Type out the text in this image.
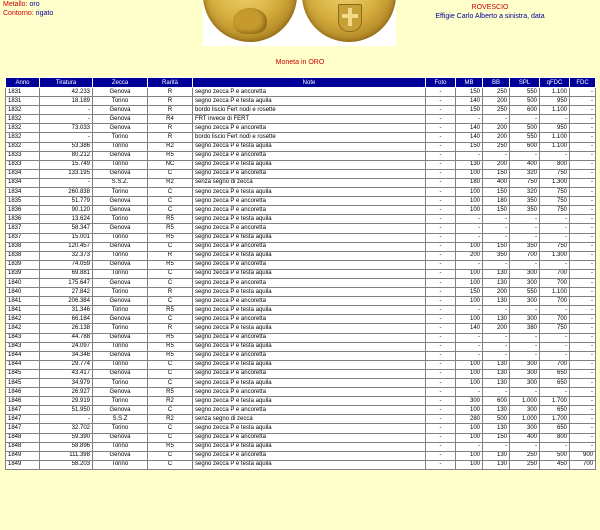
Metallo: oro
Contorno: rigato
ROVESCIO
Effigie Carlo Alberto a sinistra, data
Moneta in ORO
Anno	Tiratura	Zecca	Rarità	Note	Foto	MB	BB	SPL	qFDC	FDC
1831	42.233	Genova	R	segno zecca P e ancoretta	-	150	250	550	1.100	-
1831	18.189	Torino	R	segno zecca P e testa aquila	-	140	200	500	950	-
1832	-	Genova	R	bordo liscio Fert nodi e rosette	-	150	250	600	1.100	-
1832	-	Genova	R4	FRT invece di FERT	-	-	-	-	-	-
1832	73.033	Genova	R	segno zecca P e ancoretta	-	140	200	500	950	-
1832	-	Torino	R	bordo liscio Fert nodi e rosette	-	140	200	550	1.100	-
1832	53.386	Torino	R2	segno zecca P e testa aquila	-	150	250	600	1.100	-
1833	80.212	Genova	R5	segno zecca P e ancoretta	-	-	-	-	-	-
1833	15.749	Torino	NC	segno zecca P e testa aquila	-	130	200	400	800	-
1834	133.195	Genova	C	segno zecca P e ancoretta	-	100	150	320	750	-
1834	-	S.S.Z.	R2	senza segno di zecca	-	180	400	750	1.300	-
1834	260.838	Torino	C	segno zecca P e testa aquila	-	100	150	320	750	-
1835	51.779	Genova	C	segno zecca P e ancoretta	-	100	180	350	750	-
1836	90.120	Genova	C	segno zecca P e ancoretta	-	100	150	350	750	-
1836	13.624	Torino	R5	segno zecca P e testa aquila	-	-	-	-	-	-
1837	58.347	Genova	R5	segno zecca P e ancoretta	-	-	-	-	-	-
1837	15.001	Torino	R5	segno zecca P e testa aquila	-	-	-	-	-	-
1838	120.457	Genova	C	segno zecca P e ancoretta	-	100	150	350	750	-
1838	32.373	Torino	R	segno zecca P e testa aquila	-	200	350	700	1.300	-
1839	74.059	Genova	R5	segno zecca P e ancoretta	-	-	-	-	-	-
1839	69.881	Torino	C	segno zecca P e testa aquila	-	100	130	300	700	-
1840	175.647	Genova	C	segno zecca P e ancoretta	-	100	130	300	700	-
1840	27.842	Torino	R	segno zecca P e testa aquila	-	150	200	550	1.100	-
1841	206.384	Genova	C	segno zecca P e ancoretta	-	100	130	300	700	-
1841	31.346	Torino	R5	segno zecca P e testa aquila	-	-	-	-	-	-
1842	66.184	Genova	C	segno zecca P e ancoretta	-	100	130	300	700	-
1842	26.138	Torino	R	segno zecca P e testa aquila	-	140	200	380	750	-
1843	44.788	Genova	R5	segno zecca P e ancoretta	-	-	-	-	-	-
1843	24.097	Torino	R5	segno zecca P e testa aquila	-	-	-	-	-	-
1844	34.346	Genova	R5	segno zecca P e ancoretta	-	-	-	-	-	-
1844	29.774	Torino	C	segno zecca P e testa aquila	-	100	130	300	700	-
1845	43.417	Genova	C	segno zecca P e ancoretta	-	100	130	300	650	-
1845	34.979	Torino	C	segno zecca P e testa aquila	-	100	130	300	650	-
1846	26.927	Genova	R5	segno zecca P e ancoretta	-	-	-	-	-	-
1846	29.919	Torino	R2	segno zecca P e testa aquila	-	300	600	1.000	1.700	-
1847	51.950	Genova	C	segno zecca P e ancoretta	-	100	130	300	650	-
1847	-	S.S.Z	R2	senza segno di zecca	-	280	500	1.000	1.700	-
1847	32.702	Torino	C	segno zecca P e testa aquila	-	100	130	300	650	-
1848	59.390	Genova	C	segno zecca P e ancoretta	-	100	150	400	800	-
1848	58.896	Torino	R5	segno zecca P e testa aquila	-	-	-	-	-	-
1849	111.398	Genova	C	segno zecca P e ancoretta	-	100	130	250	500	900
1849	58.203	Torino	C	segno zecca P e testa aquila	-	100	130	250	450	700
